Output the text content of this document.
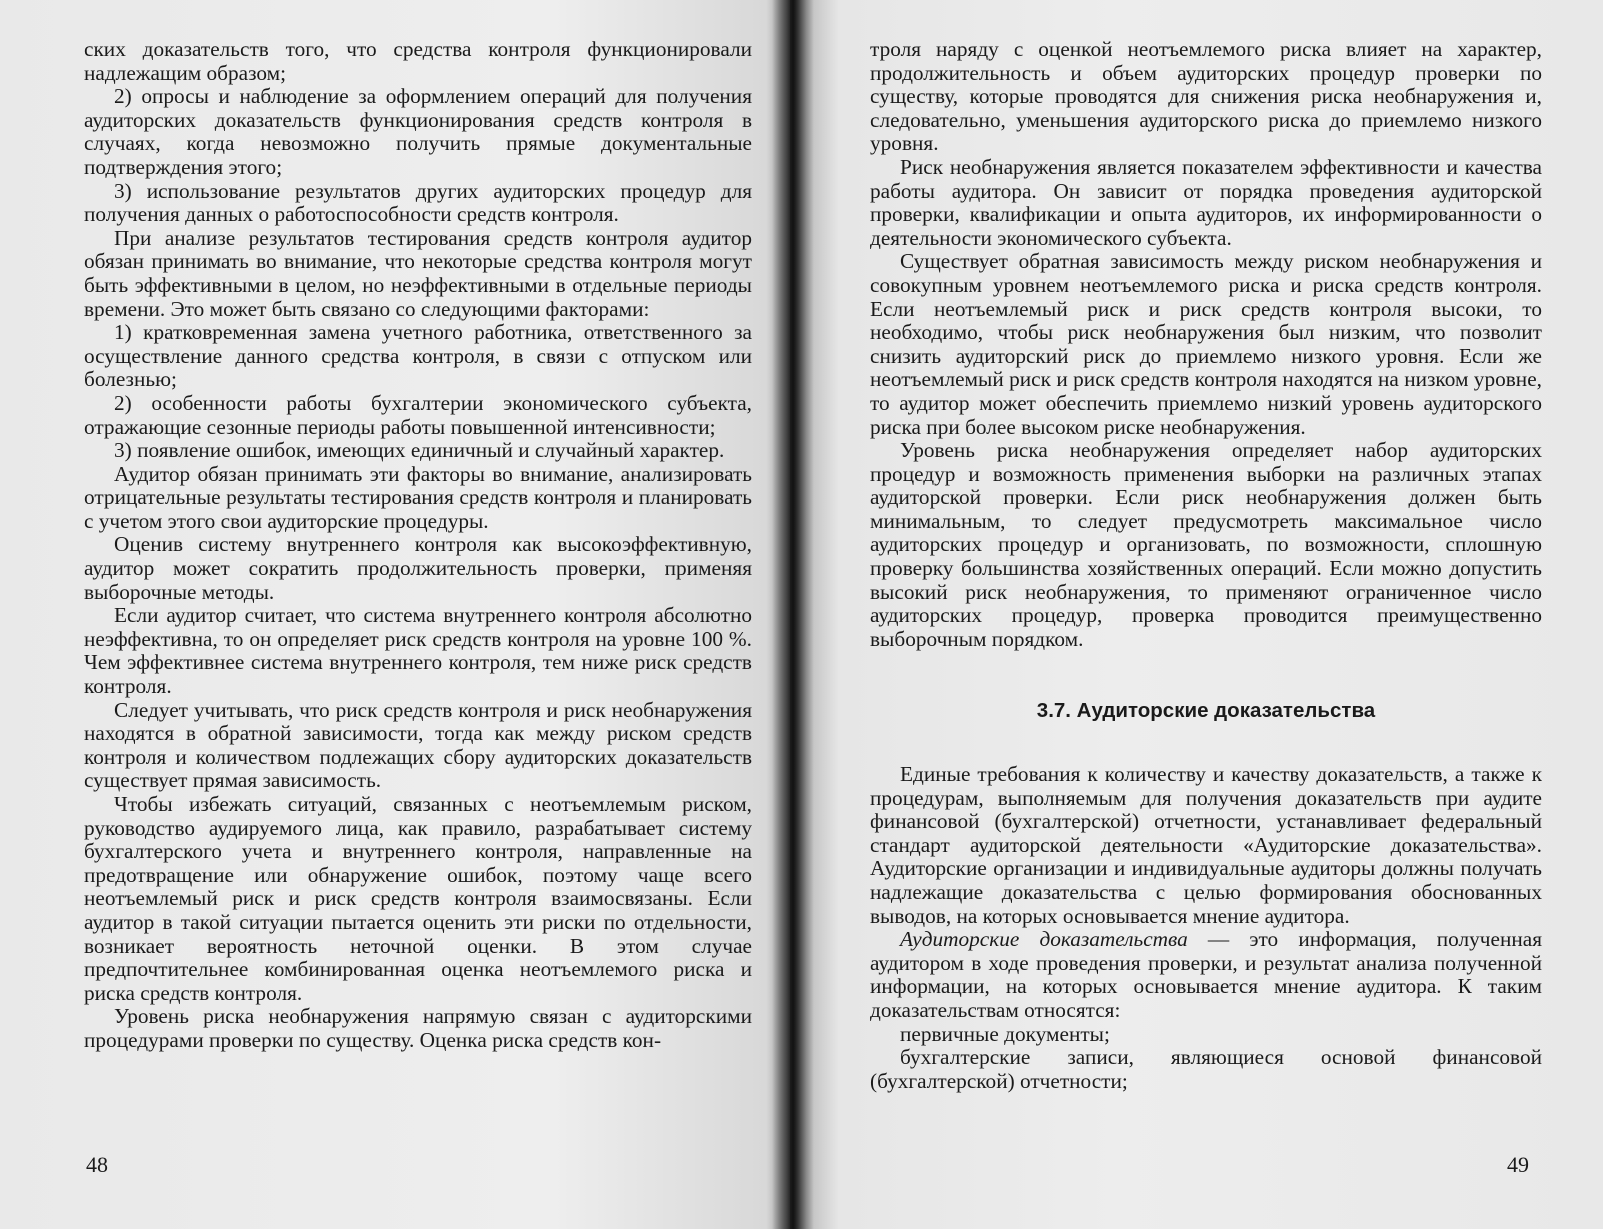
ских доказательств того, что средства контроля функционировали надлежащим образом;

2) опросы и наблюдение за оформлением операций для получения аудиторских доказательств функционирования средств контроля в случаях, когда невозможно получить прямые документальные подтверждения этого;

3) использование результатов других аудиторских процедур для получения данных о работоспособности средств контроля.

При анализе результатов тестирования средств контроля аудитор обязан принимать во внимание, что некоторые средства контроля могут быть эффективными в целом, но неэффективными в отдельные периоды времени. Это может быть связано со следующими факторами:

1) кратковременная замена учетного работника, ответственного за осуществление данного средства контроля, в связи с отпуском или болезнью;

2) особенности работы бухгалтерии экономического субъекта, отражающие сезонные периоды работы повышенной интенсивности;

3) появление ошибок, имеющих единичный и случайный характер.

Аудитор обязан принимать эти факторы во внимание, анализировать отрицательные результаты тестирования средств контроля и планировать с учетом этого свои аудиторские процедуры.

Оценив систему внутреннего контроля как высокоэффективную, аудитор может сократить продолжительность проверки, применяя выборочные методы.

Если аудитор считает, что система внутреннего контроля абсолютно неэффективна, то он определяет риск средств контроля на уровне 100 %. Чем эффективнее система внутреннего контроля, тем ниже риск средств контроля.

Следует учитывать, что риск средств контроля и риск необнаружения находятся в обратной зависимости, тогда как между риском средств контроля и количеством подлежащих сбору аудиторских доказательств существует прямая зависимость.

Чтобы избежать ситуаций, связанных с неотъемлемым риском, руководство аудируемого лица, как правило, разрабатывает систему бухгалтерского учета и внутреннего контроля, направленные на предотвращение или обнаружение ошибок, поэтому чаще всего неотъемлемый риск и риск средств контроля взаимосвязаны. Если аудитор в такой ситуации пытается оценить эти риски по отдельности, возникает вероятность неточной оценки. В этом случае предпочтительнее комбинированная оценка неотъемлемого риска и риска средств контроля.

Уровень риска необнаружения напрямую связан с аудиторскими процедурами проверки по существу. Оценка риска средств кон-

48

троля наряду с оценкой неотъемлемого риска влияет на характер, продолжительность и объем аудиторских процедур проверки по существу, которые проводятся для снижения риска необнаружения и, следовательно, уменьшения аудиторского риска до приемлемо низкого уровня.

Риск необнаружения является показателем эффективности и качества работы аудитора. Он зависит от порядка проведения аудиторской проверки, квалификации и опыта аудиторов, их информированности о деятельности экономического субъекта.

Существует обратная зависимость между риском необнаружения и совокупным уровнем неотъемлемого риска и риска средств контроля. Если неотъемлемый риск и риск средств контроля высоки, то необходимо, чтобы риск необнаружения был низким, что позволит снизить аудиторский риск до приемлемо низкого уровня. Если же неотъемлемый риск и риск средств контроля находятся на низком уровне, то аудитор может обеспечить приемлемо низкий уровень аудиторского риска при более высоком риске необнаружения.

Уровень риска необнаружения определяет набор аудиторских процедур и возможность применения выборки на различных этапах аудиторской проверки. Если риск необнаружения должен быть минимальным, то следует предусмотреть максимальное число аудиторских процедур и организовать, по возможности, сплошную проверку большинства хозяйственных операций. Если можно допустить высокий риск необнаружения, то применяют ограниченное число аудиторских процедур, проверка проводится преимущественно выборочным порядком.

3.7. Аудиторские доказательства

Единые требования к количеству и качеству доказательств, а также к процедурам, выполняемым для получения доказательств при аудите финансовой (бухгалтерской) отчетности, устанавливает федеральный стандарт аудиторской деятельности «Аудиторские доказательства». Аудиторские организации и индивидуальные аудиторы должны получать надлежащие доказательства с целью формирования обоснованных выводов, на которых основывается мнение аудитора.

Аудиторские доказательства — это информация, полученная аудитором в ходе проведения проверки, и результат анализа полученной информации, на которых основывается мнение аудитора. К таким доказательствам относятся:

первичные документы;

бухгалтерские записи, являющиеся основой финансовой (бухгалтерской) отчетности;

49
